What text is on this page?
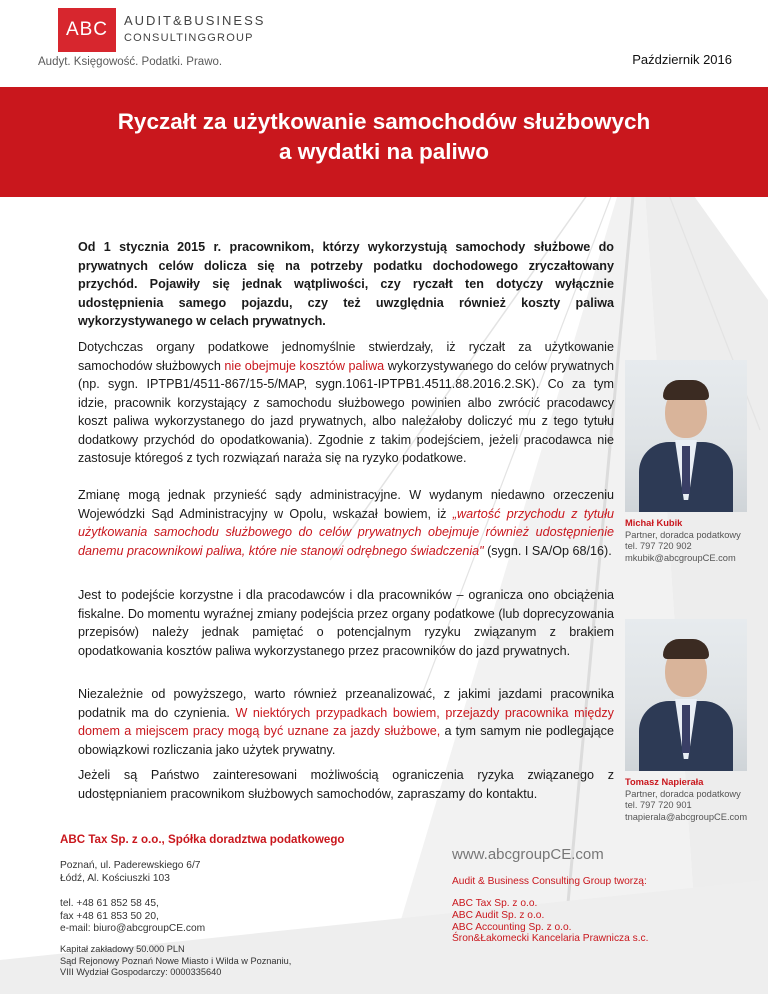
ABC	AUDIT&BUSINESS
CONSULTINGGROUP
Audyt. Księgowość. Podatki. Prawo.	Październik 2016
Ryczałt za użytkowanie samochodów służbowych
a wydatki na paliwo
Od 1 stycznia 2015 r. pracownikom, którzy wykorzystują samochody służbowe do prywatnych celów dolicza się na potrzeby podatku dochodowego zryczałtowany przychód. Pojawiły się jednak wątpliwości, czy ryczałt ten dotyczy wyłącznie udostępnienia samego pojazdu, czy też uwzględnia również koszty paliwa wykorzystywanego w celach prywatnych.
Dotychczas organy podatkowe jednomyślnie stwierdzały, iż ryczałt za użytkowanie samochodów służbowych nie obejmuje kosztów paliwa wykorzystywanego do celów prywatnych (np. sygn. IPTPB1/4511-867/15-5/MAP, sygn.1061-IPTPB1.4511.88.2016.2.SK). Co za tym idzie, pracownik korzystający z samochodu służbowego powinien albo zwrócić pracodawcy koszt paliwa wykorzystanego do jazd prywatnych, albo należałoby doliczyć mu z tego tytułu dodatkowy przychód do opodatkowania). Zgodnie z takim podejściem, jeżeli pracodawca nie zastosuje któregoś z tych rozwiązań naraża się na ryzyko podatkowe.
Zmianę mogą jednak przynieść sądy administracyjne. W wydanym niedawno orzeczeniu Wojewódzki Sąd Administracyjny w Opolu, wskazał bowiem, iż „wartość przychodu z tytułu użytkowania samochodu służbowego do celów prywatnych obejmuje również udostępnienie danemu pracownikowi paliwa, które nie stanowi odrębnego świadczenia" (sygn. I SA/Op 68/16).
Jest to podejście korzystne i dla pracodawców i dla pracowników – ogranicza ono obciążenia fiskalne. Do momentu wyraźnej zmiany podejścia przez organy podatkowe (lub doprecyzowania przepisów) należy jednak pamiętać o potencjalnym ryzyku związanym z brakiem opodatkowania kosztów paliwa wykorzystanego przez pracowników do jazd prywatnych.
Niezależnie od powyższego, warto również przeanalizować, z jakimi jazdami pracownika podatnik ma do czynienia. W niektórych przypadkach bowiem, przejazdy pracownika między domem a miejscem pracy mogą być uznane za jazdy służbowe, a tym samym nie podlegające obowiązkowi rozliczania jako użytek prywatny.
Jeżeli są Państwo zainteresowani możliwością ograniczenia ryzyka związanego z udostępnianiem pracownikom służbowych samochodów, zapraszamy do kontaktu.
Michał Kubik
Partner, doradca podatkowy
tel. 797 720 902
mkubik@abcgroupCE.com
Tomasz Napierała
Partner, doradca podatkowy
tel. 797 720 901
tnapierala@abcgroupCE.com
ABC Tax Sp. z o.o., Spółka doradztwa podatkowego
Poznań, ul. Paderewskiego 6/7
Łódź, Al. Kościuszki 103
tel. +48 61 852 58 45,
fax +48 61 853 50 20,
e-mail: biuro@abcgroupCE.com
Kapitał zakładowy 50.000 PLN
Sąd Rejonowy Poznań Nowe Miasto i Wilda w Poznaniu,
VIII Wydział Gospodarczy: 0000335640
www.abcgroupCE.com
Audit & Business Consulting Group tworzą:
ABC Tax Sp. z o.o.
ABC Audit Sp. z o.o.
ABC Accounting Sp. z o.o.
Śron&Łakomecki Kancelaria Prawnicza s.c.
